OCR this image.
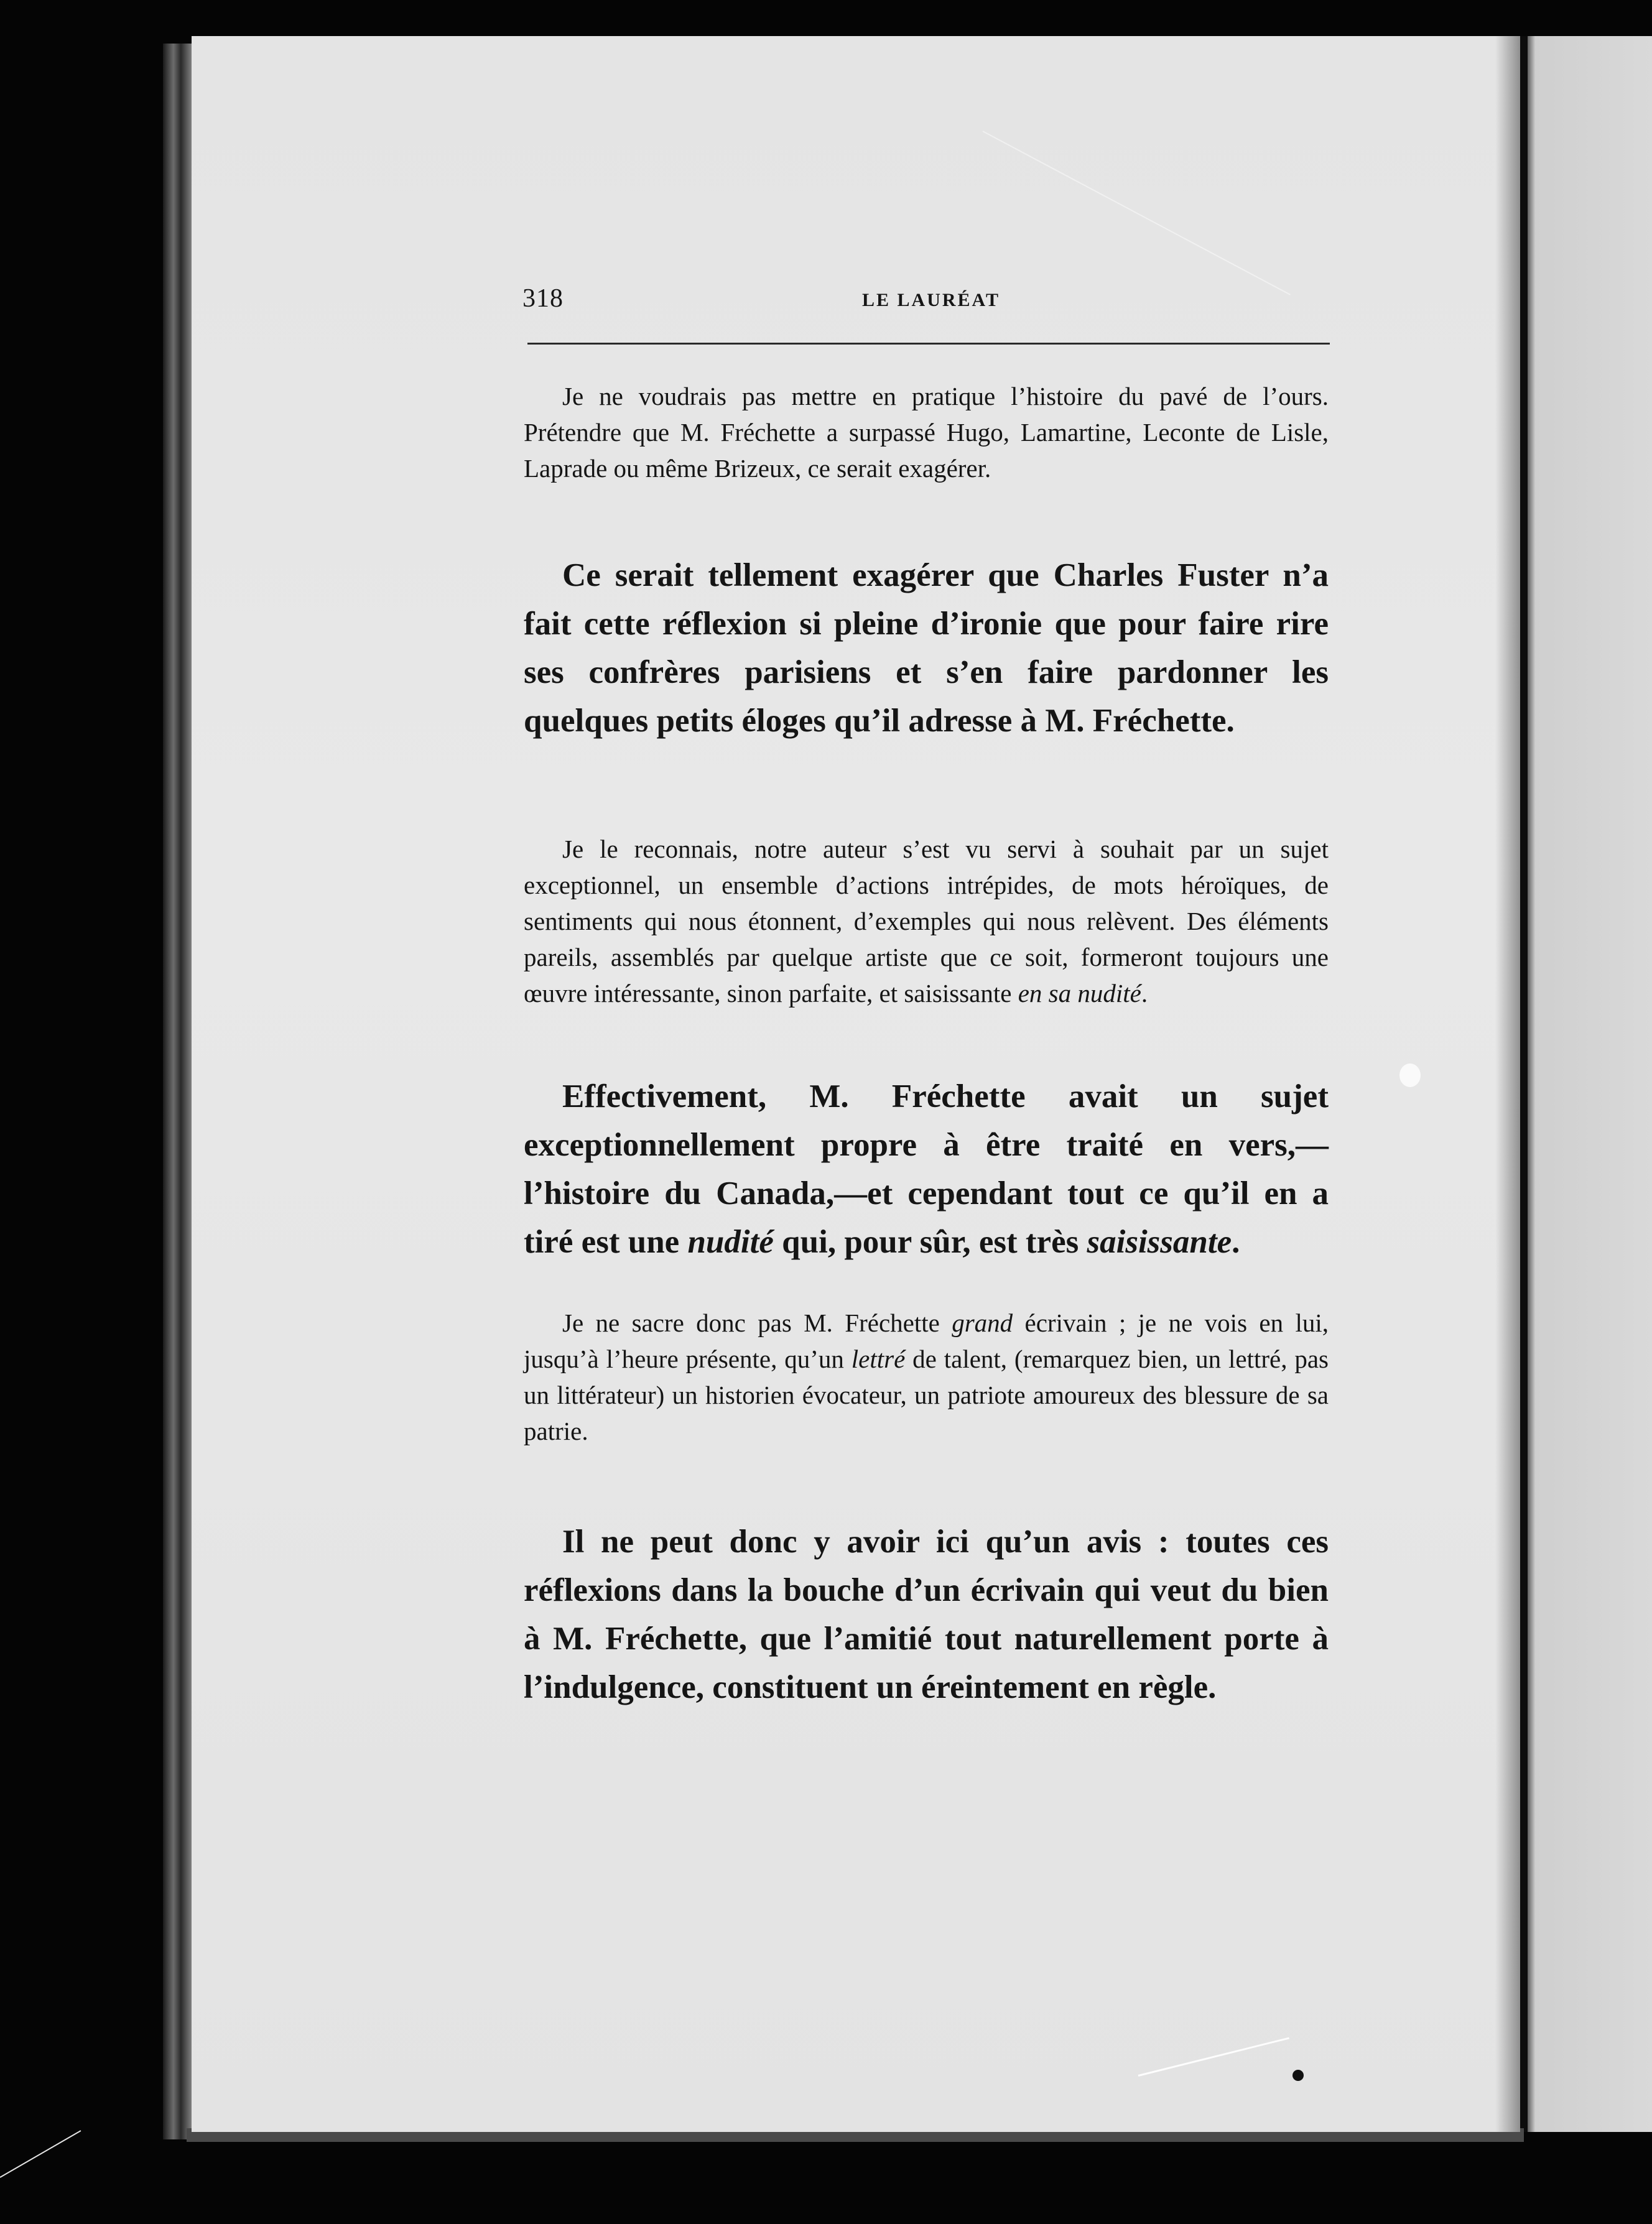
318	LE LAURÉAT
Je ne voudrais pas mettre en pratique l’histoire du pavé de l’ours. Prétendre que M. Fréchette a surpassé Hugo, Lamartine, Leconte de Lisle, Laprade ou même Brizeux, ce serait exagérer.
Ce serait tellement exagérer que Charles Fuster n’a fait cette réflexion si pleine d’ironie que pour faire rire ses confrères parisiens et s’en faire pardonner les quelques petits éloges qu’il adresse à M. Fréchette.
Je le reconnais, notre auteur s’est vu servi à souhait par un sujet exceptionnel, un ensemble d’actions intrépides, de mots héroïques, de sentiments qui nous étonnent, d’exemples qui nous relèvent. Des éléments pareils, assemblés par quelque artiste que ce soit, formeront toujours une œuvre intéressante, sinon parfaite, et saisissante en sa nudité.
Effectivement, M. Fréchette avait un sujet exceptionnellement propre à être traité en vers,—l’histoire du Canada,—et cependant tout ce qu’il en a tiré est une nudité qui, pour sûr, est très saisissante.
Je ne sacre donc pas M. Fréchette grand écrivain ; je ne vois en lui, jusqu’à l’heure présente, qu’un lettré de talent, (remarquez bien, un lettré, pas un littérateur) un historien évocateur, un patriote amoureux des blessure de sa patrie.
Il ne peut donc y avoir ici qu’un avis : toutes ces réflexions dans la bouche d’un écrivain qui veut du bien à M. Fréchette, que l’amitié tout naturellement porte à l’indulgence, constituent un éreintement en règle.
